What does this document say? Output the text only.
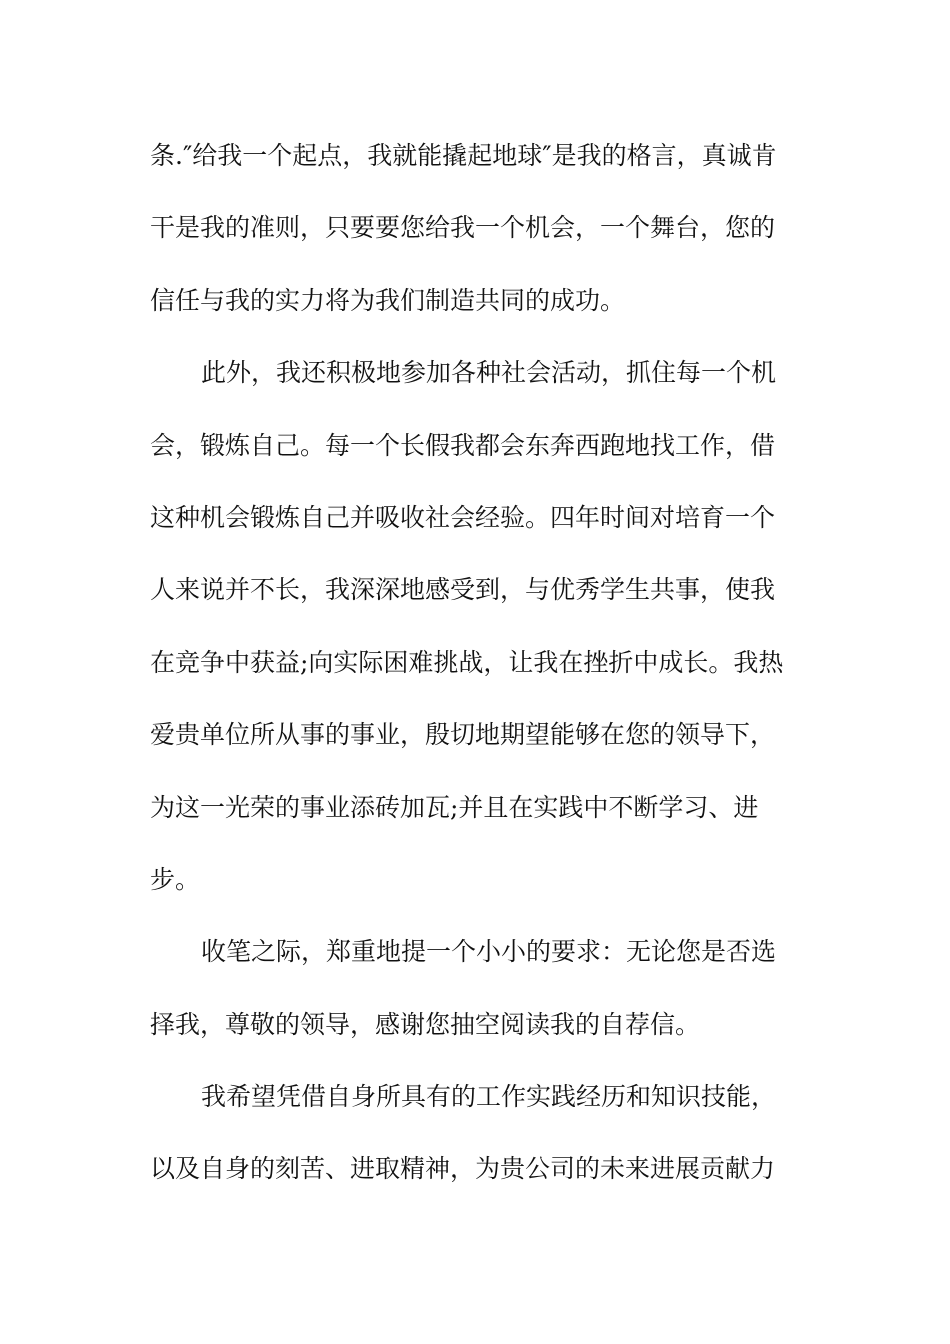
条.″给我一个起点，我就能撬起地球″是我的格言，真诚肯
干是我的准则，只要要您给我一个机会，一个舞台，您的
信任与我的实力将为我们制造共同的成功。
此外，我还积极地参加各种社会活动，抓住每一个机
会，锻炼自己。每一个长假我都会东奔西跑地找工作，借
这种机会锻炼自己并吸收社会经验。四年时间对培育一个
人来说并不长，我深深地感受到，与优秀学生共事，使我
在竞争中获益;向实际困难挑战，让我在挫折中成长。我热
爱贵单位所从事的事业，殷切地期望能够在您的领导下，
为这一光荣的事业添砖加瓦;并且在实践中不断学习、进
步。
收笔之际，郑重地提一个小小的要求：无论您是否选
择我，尊敬的领导，感谢您抽空阅读我的自荐信。
我希望凭借自身所具有的工作实践经历和知识技能，
以及自身的刻苦、进取精神，为贵公司的未来进展贡献力
